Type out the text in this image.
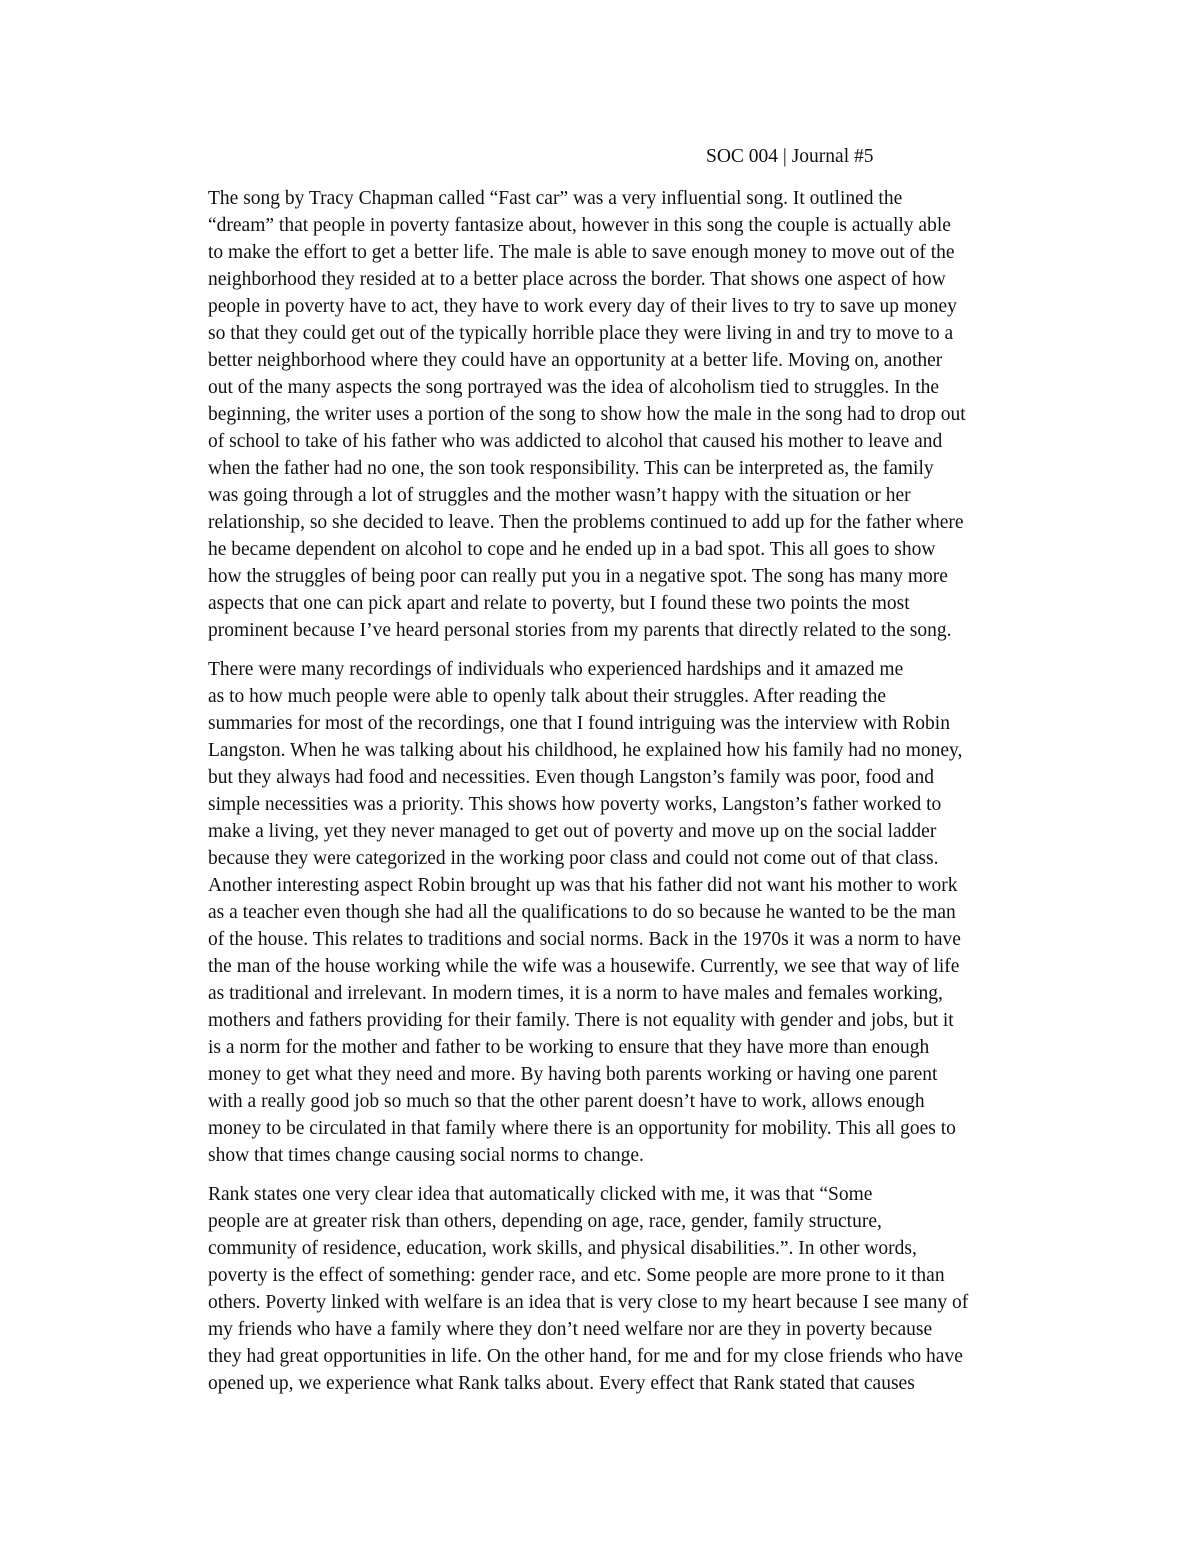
SOC 004 | Journal #5

The song by Tracy Chapman called “Fast car” was a very influential song. It outlined the
“dream” that people in poverty fantasize about, however in this song the couple is actually able
to make the effort to get a better life. The male is able to save enough money to move out of the
neighborhood they resided at to a better place across the border. That shows one aspect of how
people in poverty have to act, they have to work every day of their lives to try to save up money
so that they could get out of the typically horrible place they were living in and try to move to a
better neighborhood where they could have an opportunity at a better life. Moving on, another
out of the many aspects the song portrayed was the idea of alcoholism tied to struggles. In the
beginning, the writer uses a portion of the song to show how the male in the song had to drop out
of school to take of his father who was addicted to alcohol that caused his mother to leave and
when the father had no one, the son took responsibility. This can be interpreted as, the family
was going through a lot of struggles and the mother wasn’t happy with the situation or her
relationship, so she decided to leave. Then the problems continued to add up for the father where
he became dependent on alcohol to cope and he ended up in a bad spot. This all goes to show
how the struggles of being poor can really put you in a negative spot. The song has many more
aspects that one can pick apart and relate to poverty, but I found these two points the most
prominent because I’ve heard personal stories from my parents that directly related to the song.

There were many recordings of individuals who experienced hardships and it amazed me
as to how much people were able to openly talk about their struggles. After reading the
summaries for most of the recordings, one that I found intriguing was the interview with Robin
Langston. When he was talking about his childhood, he explained how his family had no money,
but they always had food and necessities. Even though Langston’s family was poor, food and
simple necessities was a priority. This shows how poverty works, Langston’s father worked to
make a living, yet they never managed to get out of poverty and move up on the social ladder
because they were categorized in the working poor class and could not come out of that class.
Another interesting aspect Robin brought up was that his father did not want his mother to work
as a teacher even though she had all the qualifications to do so because he wanted to be the man
of the house. This relates to traditions and social norms. Back in the 1970s it was a norm to have
the man of the house working while the wife was a housewife. Currently, we see that way of life
as traditional and irrelevant. In modern times, it is a norm to have males and females working,
mothers and fathers providing for their family. There is not equality with gender and jobs, but it
is a norm for the mother and father to be working to ensure that they have more than enough
money to get what they need and more. By having both parents working or having one parent
with a really good job so much so that the other parent doesn’t have to work, allows enough
money to be circulated in that family where there is an opportunity for mobility. This all goes to
show that times change causing social norms to change.

Rank states one very clear idea that automatically clicked with me, it was that “Some
people are at greater risk than others, depending on age, race, gender, family structure,
community of residence, education, work skills, and physical disabilities.”. In other words,
poverty is the effect of something: gender race, and etc. Some people are more prone to it than
others. Poverty linked with welfare is an idea that is very close to my heart because I see many of
my friends who have a family where they don’t need welfare nor are they in poverty because
they had great opportunities in life. On the other hand, for me and for my close friends who have
opened up, we experience what Rank talks about. Every effect that Rank stated that causes
